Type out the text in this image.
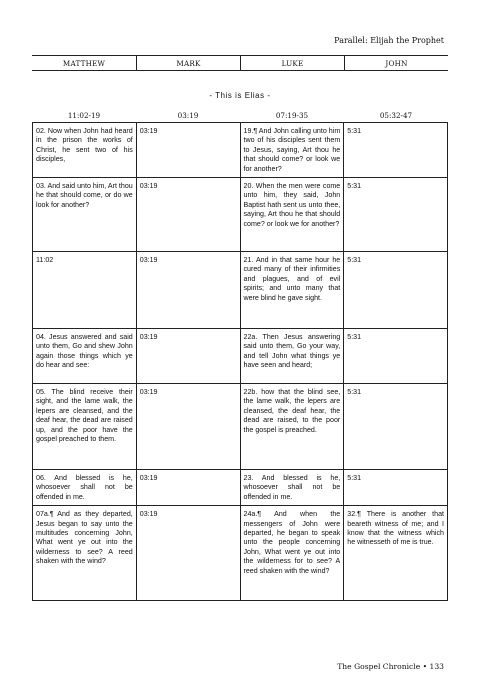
Parallel: Elijah the Prophet
MATTHEW	MARK	LUKE	JOHN
- This is Elias -
11:02-19	03:19	07:19-35	05:32-47
02. Now when John had heard in the prison the works of Christ, he sent two of his disciples,	03:19	19.¶ And John calling unto him two of his disciples sent them to Jesus, saying, Art thou he that should come? or look we for another?	5:31
03. And said unto him, Art thou he that should come, or do we look for another?	03:19	20. When the men were come unto him, they said, John Baptist hath sent us unto thee, saying, Art thou he that should come? or look we for another?	5:31
11:02	03:19	21. And in that same hour he cured many of their infirmities and plagues, and of evil spirits; and unto many that were blind he gave sight.	5:31
04. Jesus answered and said unto them, Go and shew John again those things which ye do hear and see:	03:19	22a. Then Jesus answering said unto them, Go your way, and tell John what things ye have seen and heard;	5:31
05. The blind receive their sight, and the lame walk, the lepers are cleansed, and the deaf hear, the dead are raised up, and the poor have the gospel preached to them.	03:19	22b. how that the blind see, the lame walk, the lepers are cleansed, the deaf hear, the dead are raised, to the poor the gospel is preached.	5:31
06. And blessed is he, whosoever shall not be offended in me.	03:19	23. And blessed is he, whosoever shall not be offended in me.	5:31
07a.¶ And as they departed, Jesus began to say unto the multitudes concerning John, What went ye out into the wilderness to see? A reed shaken with the wind?	03:19	24a.¶ And when the messengers of John were departed, he began to speak unto the people concerning John, What went ye out into the wilderness for to see? A reed shaken with the wind?	32.¶ There is another that beareth witness of me; and I know that the witness which he witnesseth of me is true.
The Gospel Chronicle • 133
